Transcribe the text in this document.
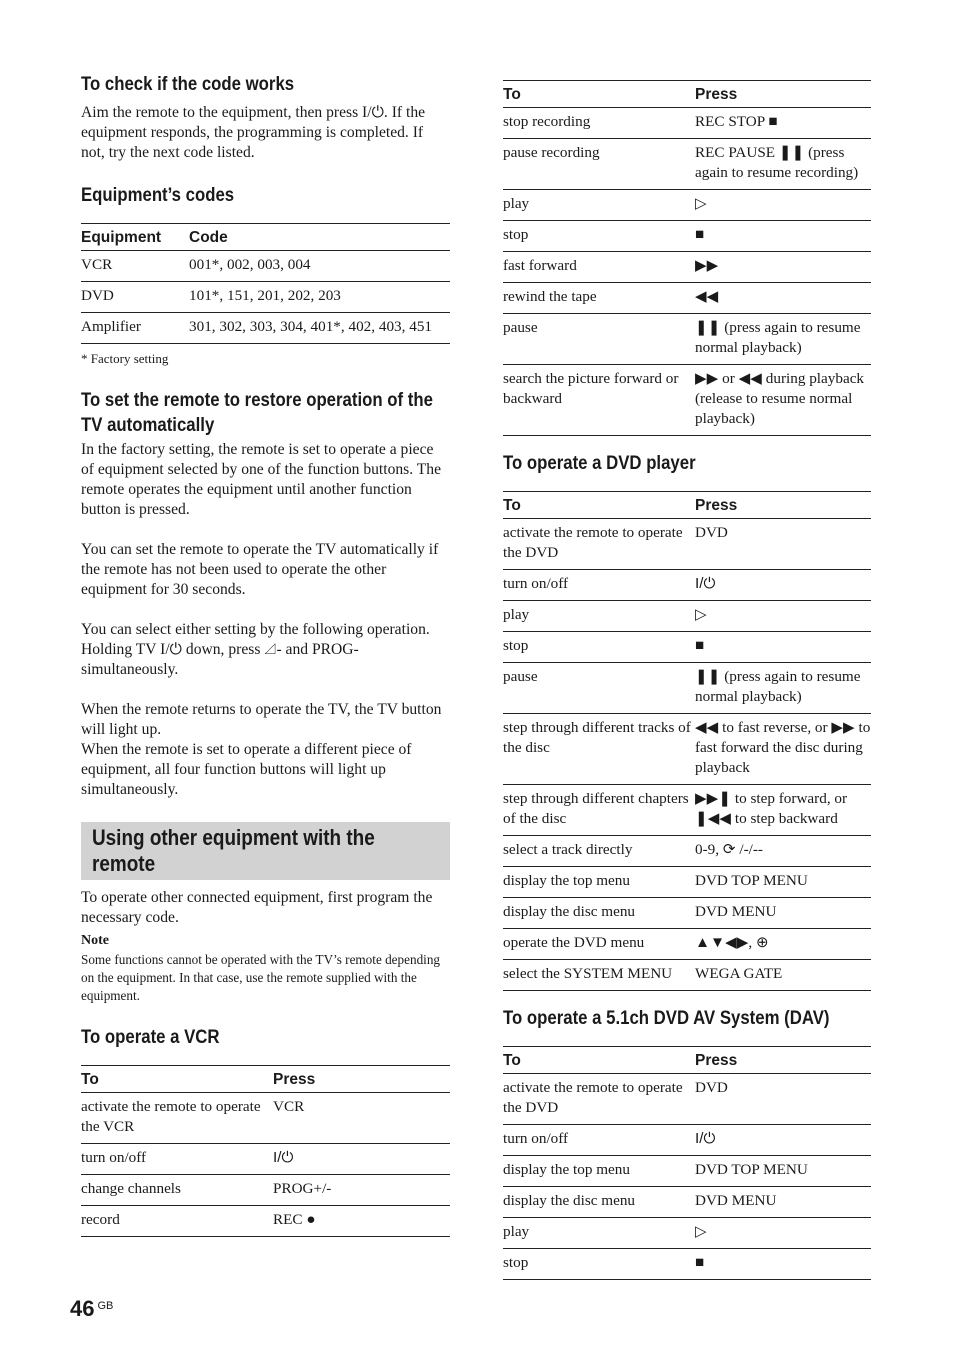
To check if the code works
Aim the remote to the equipment, then press I/⏻. If the equipment responds, the programming is completed. If not, try the next code listed.
Equipment’s codes
Equipment	Code
VCR	001*, 002, 003, 004
DVD	101*, 151, 201, 202, 203
Amplifier	301, 302, 303, 304, 401*, 402, 403, 451
* Factory setting
To set the remote to restore operation of the TV automatically
In the factory setting, the remote is set to operate a piece of equipment selected by one of the function buttons. The remote operates the equipment until another function button is pressed.
You can set the remote to operate the TV automatically if the remote has not been used to operate the other equipment for 30 seconds.
You can select either setting by the following operation.
Holding TV I/⏻ down, press ◿- and PROG- simultaneously.
When the remote returns to operate the TV, the TV button will light up.
When the remote is set to operate a different piece of equipment, all four function buttons will light up simultaneously.
Using other equipment with the remote
To operate other connected equipment, first program the necessary code.
Note
Some functions cannot be operated with the TV’s remote depending on the equipment. In that case, use the remote supplied with the equipment.
To operate a VCR
To	Press
activate the remote to operate the VCR	VCR
turn on/off	I/⏻
change channels	PROG+/-
record	REC ●
To	Press
stop recording	REC STOP ■
pause recording	REC PAUSE ❚❚ (press again to resume recording)
play	▷
stop	■
fast forward	▶▶
rewind the tape	◀◀
pause	❚❚ (press again to resume normal playback)
search the picture forward or backward	▶▶ or ◀◀ during playback (release to resume normal playback)
To operate a DVD player
To	Press
activate the remote to operate the DVD	DVD
turn on/off	I/⏻
play	▷
stop	■
pause	❚❚ (press again to resume normal playback)
step through different tracks of the disc	◀◀ to fast reverse, or ▶▶ to fast forward the disc during playback
step through different chapters of the disc	▶▶❚ to step forward, or ❚◀◀ to step backward
select a track directly	0-9, ⟳ /-/--
display the top menu	DVD TOP MENU
display the disc menu	DVD MENU
operate the DVD menu	▲▼◀▶, ⊕
select the SYSTEM MENU	WEGA GATE
To operate a 5.1ch DVD AV System (DAV)
To	Press
activate the remote to operate the DVD	DVD
turn on/off	I/⏻
display the top menu	DVD TOP MENU
display the disc menu	DVD MENU
play	▷
stop	■
46 $^{GB}$
